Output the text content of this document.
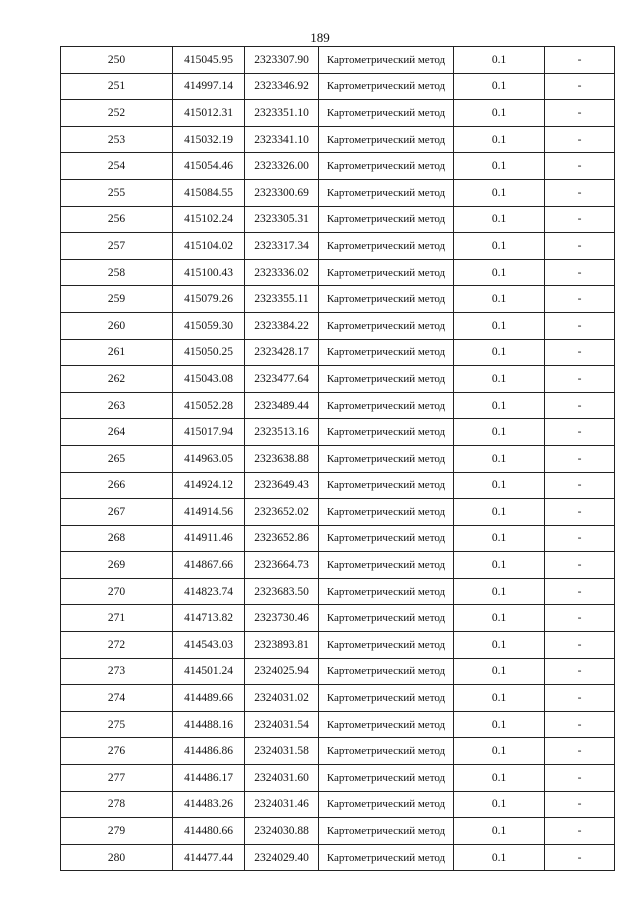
189
250	415045.95	2323307.90	Картометрический метод	0.1	-
251	414997.14	2323346.92	Картометрический метод	0.1	-
252	415012.31	2323351.10	Картометрический метод	0.1	-
253	415032.19	2323341.10	Картометрический метод	0.1	-
254	415054.46	2323326.00	Картометрический метод	0.1	-
255	415084.55	2323300.69	Картометрический метод	0.1	-
256	415102.24	2323305.31	Картометрический метод	0.1	-
257	415104.02	2323317.34	Картометрический метод	0.1	-
258	415100.43	2323336.02	Картометрический метод	0.1	-
259	415079.26	2323355.11	Картометрический метод	0.1	-
260	415059.30	2323384.22	Картометрический метод	0.1	-
261	415050.25	2323428.17	Картометрический метод	0.1	-
262	415043.08	2323477.64	Картометрический метод	0.1	-
263	415052.28	2323489.44	Картометрический метод	0.1	-
264	415017.94	2323513.16	Картометрический метод	0.1	-
265	414963.05	2323638.88	Картометрический метод	0.1	-
266	414924.12	2323649.43	Картометрический метод	0.1	-
267	414914.56	2323652.02	Картометрический метод	0.1	-
268	414911.46	2323652.86	Картометрический метод	0.1	-
269	414867.66	2323664.73	Картометрический метод	0.1	-
270	414823.74	2323683.50	Картометрический метод	0.1	-
271	414713.82	2323730.46	Картометрический метод	0.1	-
272	414543.03	2323893.81	Картометрический метод	0.1	-
273	414501.24	2324025.94	Картометрический метод	0.1	-
274	414489.66	2324031.02	Картометрический метод	0.1	-
275	414488.16	2324031.54	Картометрический метод	0.1	-
276	414486.86	2324031.58	Картометрический метод	0.1	-
277	414486.17	2324031.60	Картометрический метод	0.1	-
278	414483.26	2324031.46	Картометрический метод	0.1	-
279	414480.66	2324030.88	Картометрический метод	0.1	-
280	414477.44	2324029.40	Картометрический метод	0.1	-
